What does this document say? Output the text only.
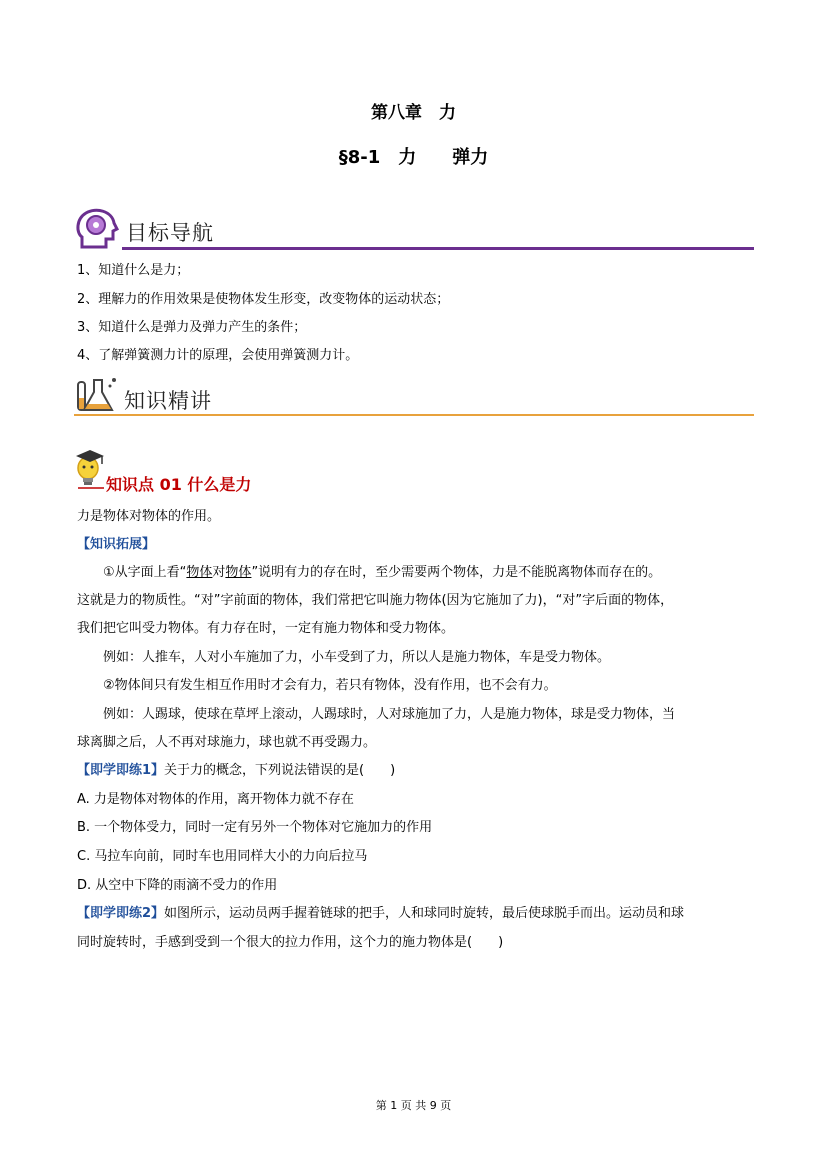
第八章　力
§8-1　力　　弹力
目标导航
1、知道什么是力；
2、理解力的作用效果是使物体发生形变，改变物体的运动状态；
3、知道什么是弹力及弹力产生的条件；
4、了解弹簧测力计的原理，会使用弹簧测力计。
知识精讲
知识点 01 什么是力
力是物体对物体的作用。
【知识拓展】
①从字面上看“物体对物体”说明有力的存在时，至少需要两个物体，力是不能脱离物体而存在的。
这就是力的物质性。“对”字前面的物体，我们常把它叫施力物体(因为它施加了力)，“对”字后面的物体，
我们把它叫受力物体。有力存在时，一定有施力物体和受力物体。
例如：人推车，人对小车施加了力，小车受到了力，所以人是施力物体，车是受力物体。
②物体间只有发生相互作用时才会有力，若只有物体，没有作用，也不会有力。
例如：人踢球，使球在草坪上滚动，人踢球时，人对球施加了力，人是施力物体，球是受力物体，当
球离脚之后，人不再对球施力，球也就不再受踢力。
【即学即练1】关于力的概念，下列说法错误的是(　　)
A. 力是物体对物体的作用，离开物体力就不存在
B. 一个物体受力，同时一定有另外一个物体对它施加力的作用
C. 马拉车向前，同时车也用同样大小的力向后拉马
D. 从空中下降的雨滴不受力的作用
【即学即练2】如图所示，运动员两手握着链球的把手，人和球同时旋转，最后使球脱手而出。运动员和球
同时旋转时，手感到受到一个很大的拉力作用，这个力的施力物体是(　　)
第 1 页 共 9 页
